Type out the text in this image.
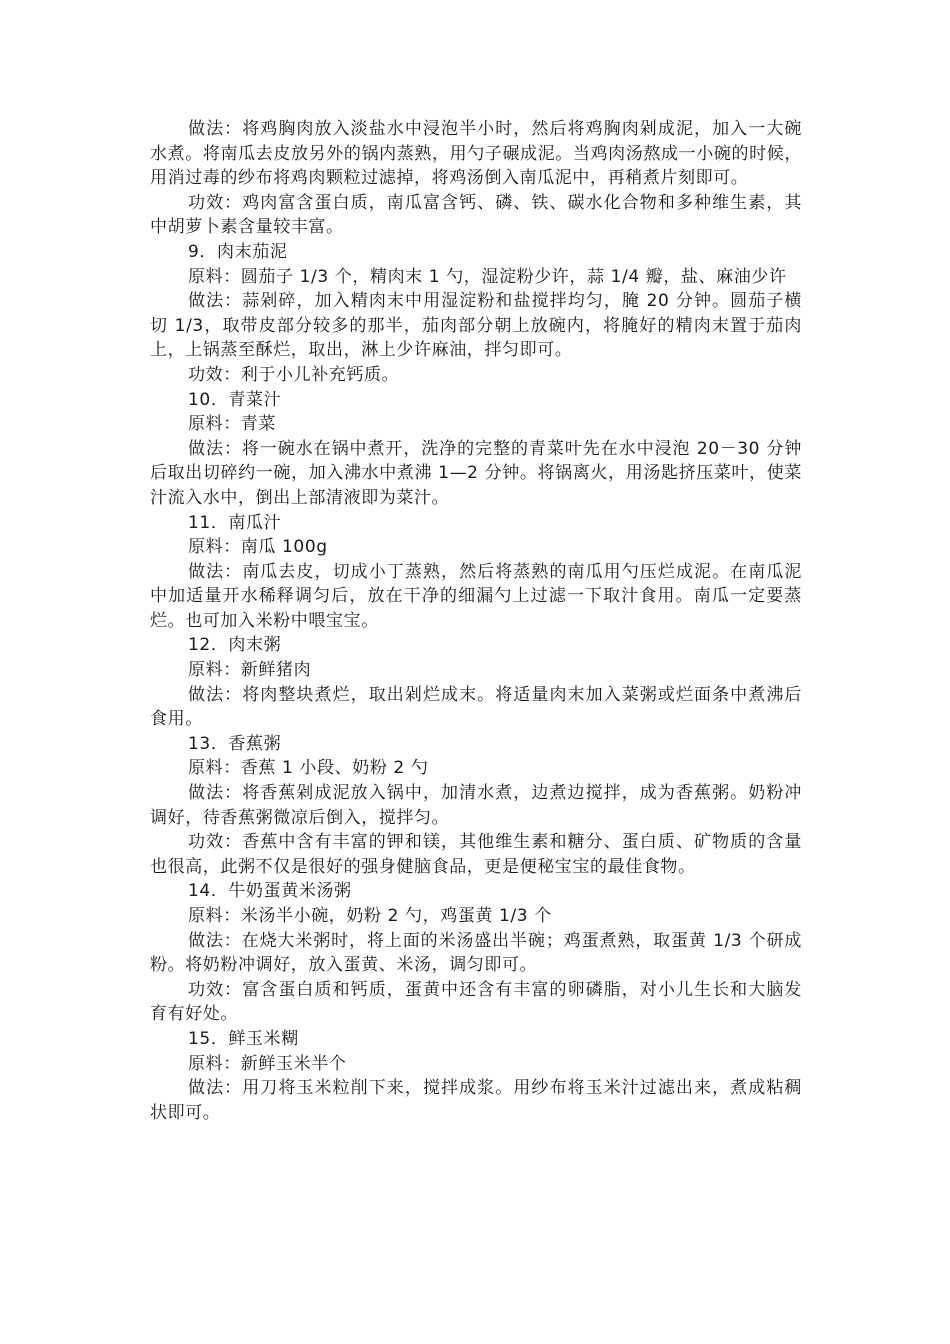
做法：将鸡胸肉放入淡盐水中浸泡半小时，然后将鸡胸肉剁成泥，加入一大碗水煮。将南瓜去皮放另外的锅内蒸熟，用勺子碾成泥。当鸡肉汤熬成一小碗的时候，用消过毒的纱布将鸡肉颗粒过滤掉，将鸡汤倒入南瓜泥中，再稍煮片刻即可。

功效：鸡肉富含蛋白质，南瓜富含钙、磷、铁、碳水化合物和多种维生素，其中胡萝卜素含量较丰富。

9．肉末茄泥

原料：圆茄子 1/3 个，精肉末 1 勺，湿淀粉少许，蒜 1/4 瓣，盐、麻油少许

做法：蒜剁碎，加入精肉末中用湿淀粉和盐搅拌均匀，腌 20 分钟。圆茄子横切 1/3，取带皮部分较多的那半，茄肉部分朝上放碗内，将腌好的精肉末置于茄肉上，上锅蒸至酥烂，取出，淋上少许麻油，拌匀即可。

功效：利于小儿补充钙质。

10．青菜汁

原料：青菜

做法：将一碗水在锅中煮开，洗净的完整的青菜叶先在水中浸泡 20－30 分钟后取出切碎约一碗，加入沸水中煮沸 1—2 分钟。将锅离火，用汤匙挤压菜叶，使菜汁流入水中，倒出上部清液即为菜汁。

11．南瓜汁

原料：南瓜 100g

做法：南瓜去皮，切成小丁蒸熟，然后将蒸熟的南瓜用勺压烂成泥。在南瓜泥中加适量开水稀释调匀后，放在干净的细漏勺上过滤一下取汁食用。南瓜一定要蒸烂。也可加入米粉中喂宝宝。

12．肉末粥

原料：新鲜猪肉

做法：将肉整块煮烂，取出剁烂成末。将适量肉末加入菜粥或烂面条中煮沸后食用。

13．香蕉粥

原料：香蕉 1 小段、奶粉 2 勺

做法：将香蕉剁成泥放入锅中，加清水煮，边煮边搅拌，成为香蕉粥。奶粉冲调好，待香蕉粥微凉后倒入，搅拌匀。

功效：香蕉中含有丰富的钾和镁，其他维生素和糖分、蛋白质、矿物质的含量也很高，此粥不仅是很好的强身健脑食品，更是便秘宝宝的最佳食物。

14．牛奶蛋黄米汤粥

原料：米汤半小碗，奶粉 2 勺，鸡蛋黄 1/3 个

做法：在烧大米粥时，将上面的米汤盛出半碗；鸡蛋煮熟，取蛋黄 1/3 个研成粉。将奶粉冲调好，放入蛋黄、米汤，调匀即可。

功效：富含蛋白质和钙质，蛋黄中还含有丰富的卵磷脂，对小儿生长和大脑发育有好处。

15．鲜玉米糊

原料：新鲜玉米半个

做法：用刀将玉米粒削下来，搅拌成浆。用纱布将玉米汁过滤出来，煮成粘稠状即可。
